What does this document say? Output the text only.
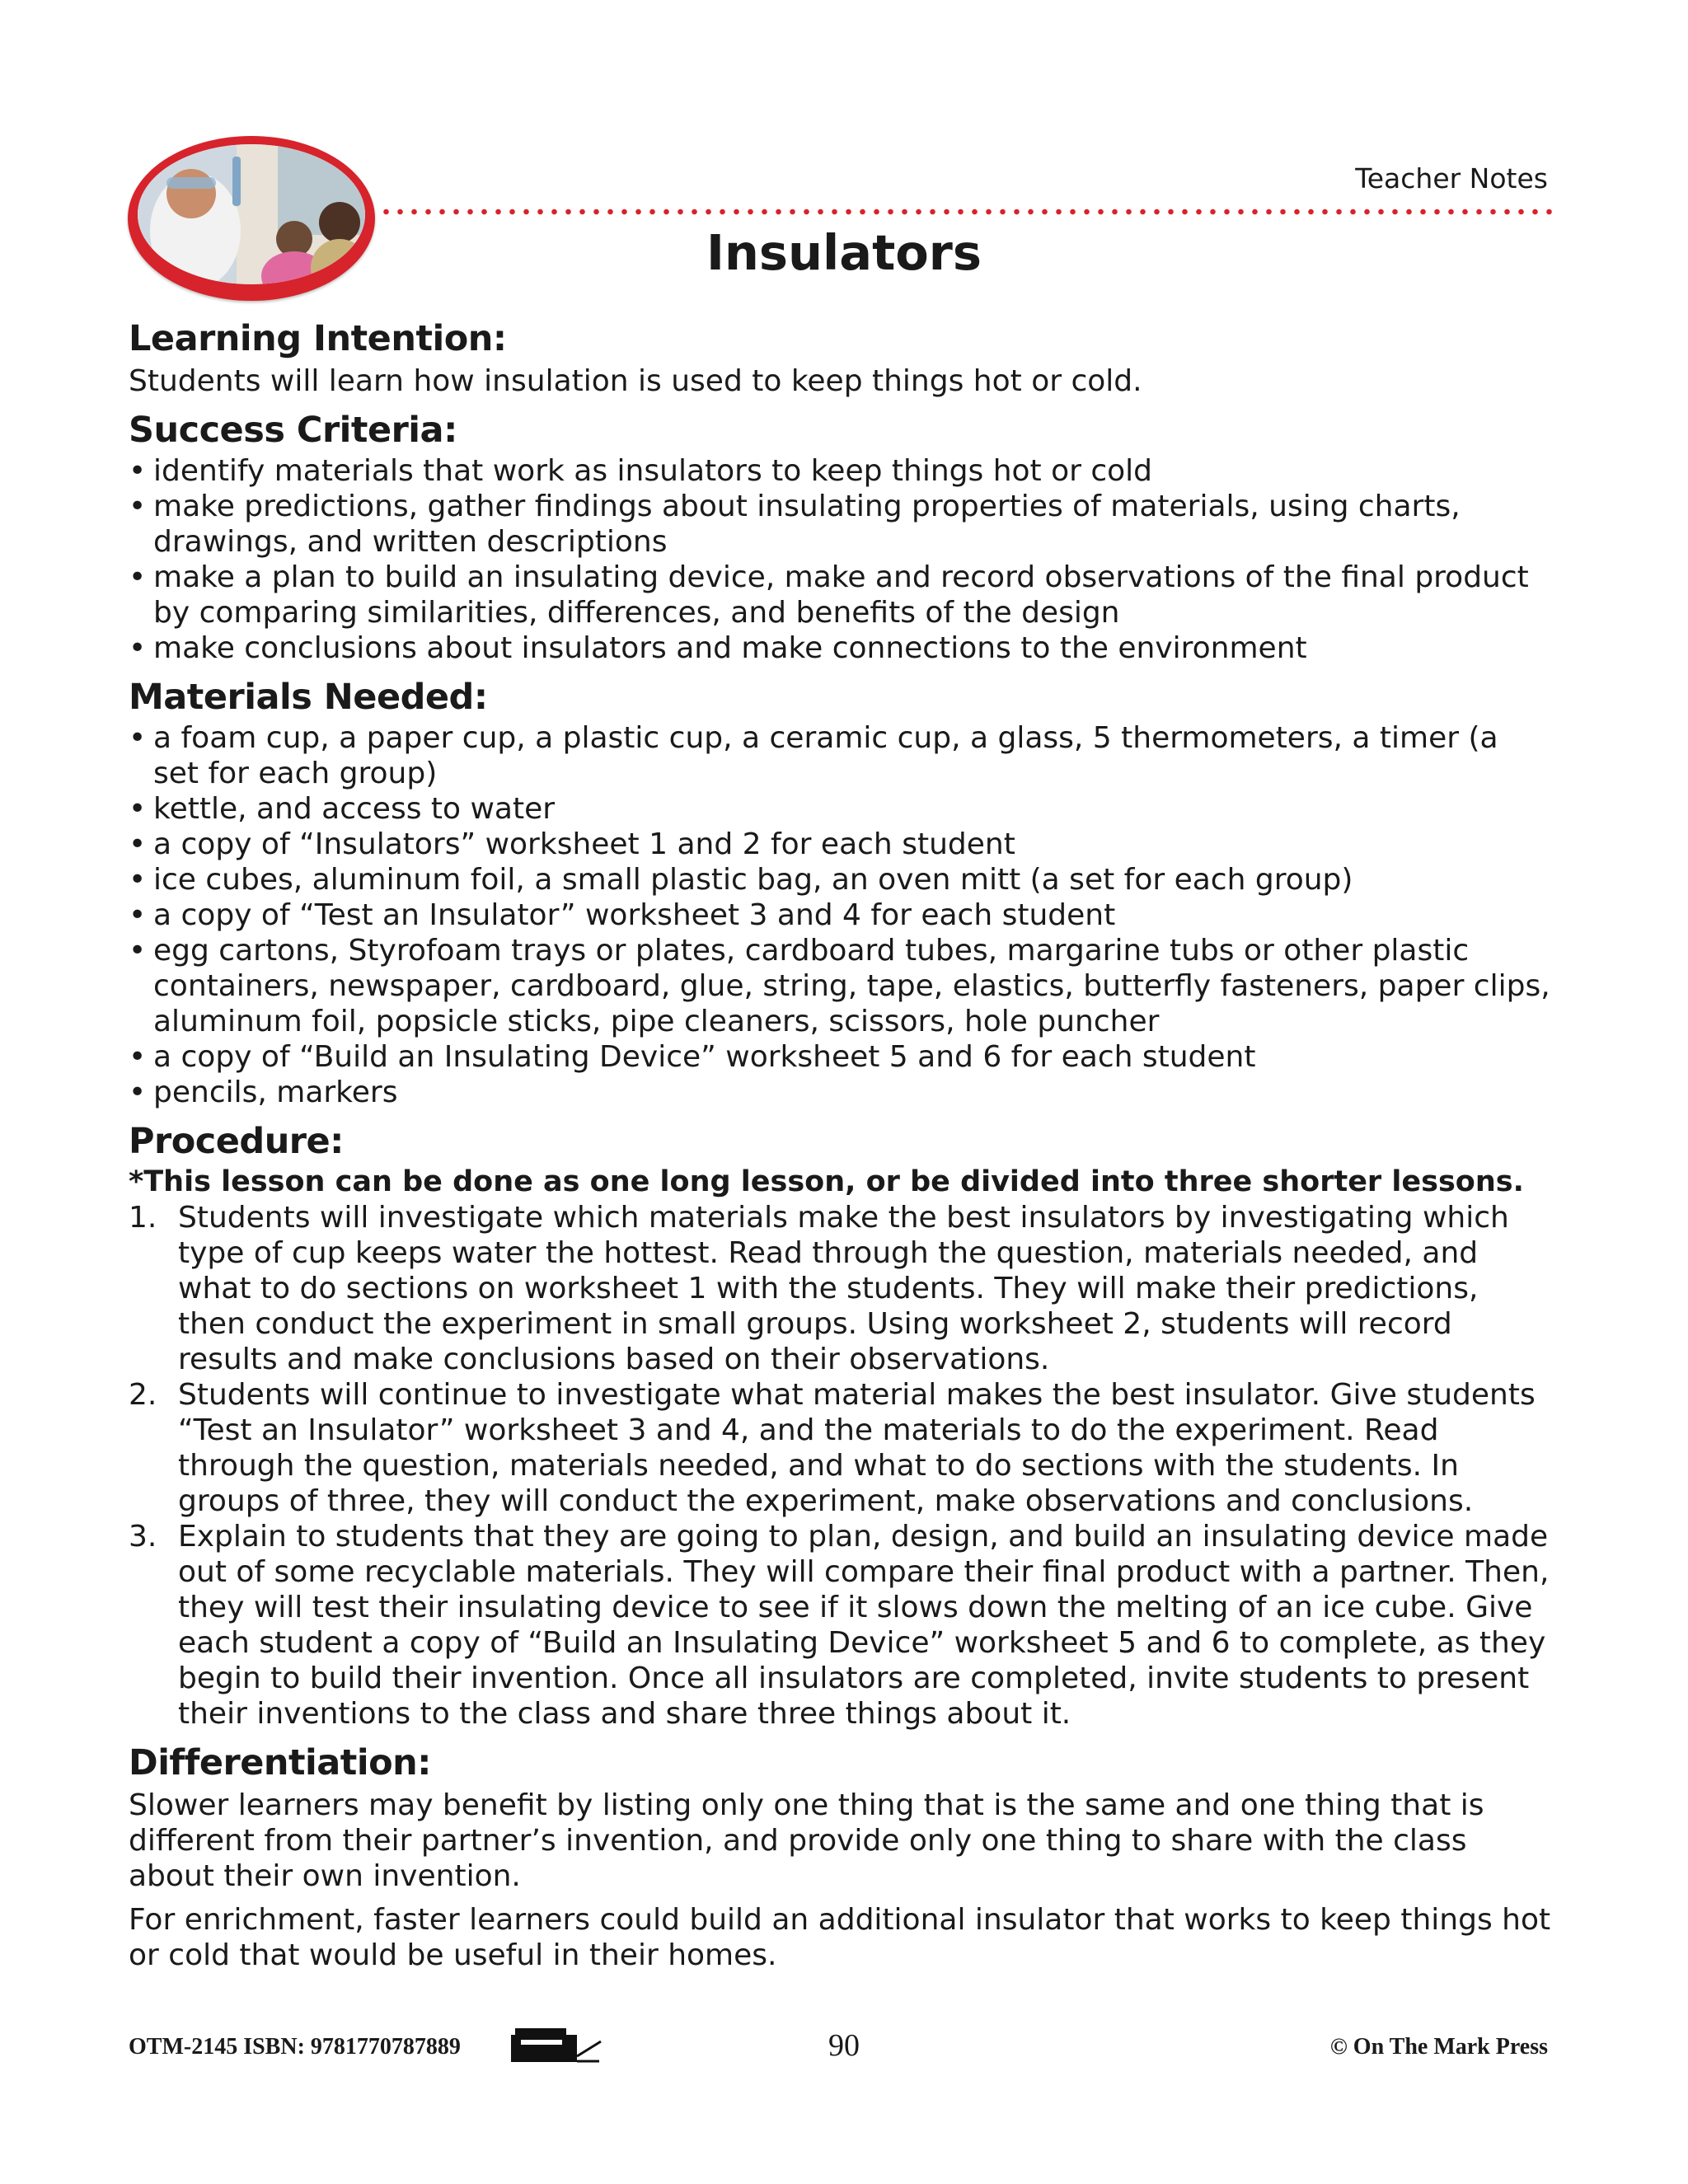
Teacher Notes
Insulators
Learning Intention:

Students will learn how insulation is used to keep things hot or cold.

Success Criteria:
• identify materials that work as insulators to keep things hot or cold
• make predictions, gather findings about insulating properties of materials, using charts, drawings, and written descriptions
• make a plan to build an insulating device, make and record observations of the final product by comparing similarities, differences, and benefits of the design
• make conclusions about insulators and make connections to the environment
Materials Needed:
• a foam cup, a paper cup, a plastic cup, a ceramic cup, a glass, 5 thermometers, a timer (a set for each group)
• kettle, and access to water
• a copy of “Insulators” worksheet 1 and 2 for each student
• ice cubes, aluminum foil, a small plastic bag, an oven mitt (a set for each group)
• a copy of “Test an Insulator” worksheet 3 and 4 for each student
• egg cartons, Styrofoam trays or plates, cardboard tubes, margarine tubs or other plastic containers, newspaper, cardboard, glue, string, tape, elastics, butterfly fasteners, paper clips, aluminum foil, popsicle sticks, pipe cleaners, scissors, hole puncher
• a copy of “Build an Insulating Device” worksheet 5 and 6 for each student
• pencils, markers
Procedure:
*This lesson can be done as one long lesson, or be divided into three shorter lessons.
1. Students will investigate which materials make the best insulators by investigating which type of cup keeps water the hottest. Read through the question, materials needed, and what to do sections on worksheet 1 with the students. They will make their predictions, then conduct the experiment in small groups. Using worksheet 2, students will record results and make conclusions based on their observations.
2. Students will continue to investigate what material makes the best insulator. Give students “Test an Insulator” worksheet 3 and 4, and the materials to do the experiment. Read through the question, materials needed, and what to do sections with the students. In groups of three, they will conduct the experiment, make observations and conclusions.
3. Explain to students that they are going to plan, design, and build an insulating device made out of some recyclable materials. They will compare their final product with a partner. Then, they will test their insulating device to see if it slows down the melting of an ice cube. Give each student a copy of “Build an Insulating Device” worksheet 5 and 6 to complete, as they begin to build their invention. Once all insulators are completed, invite students to present their inventions to the class and share three things about it.
Differentiation:

Slower learners may benefit by listing only one thing that is the same and one thing that is different from their partner’s invention, and provide only one thing to share with the class about their own invention.

For enrichment, faster learners could build an additional insulator that works to keep things hot or cold that would be useful in their homes.

OTM-2145 ISBN: 9781770787889	90	© On The Mark Press
